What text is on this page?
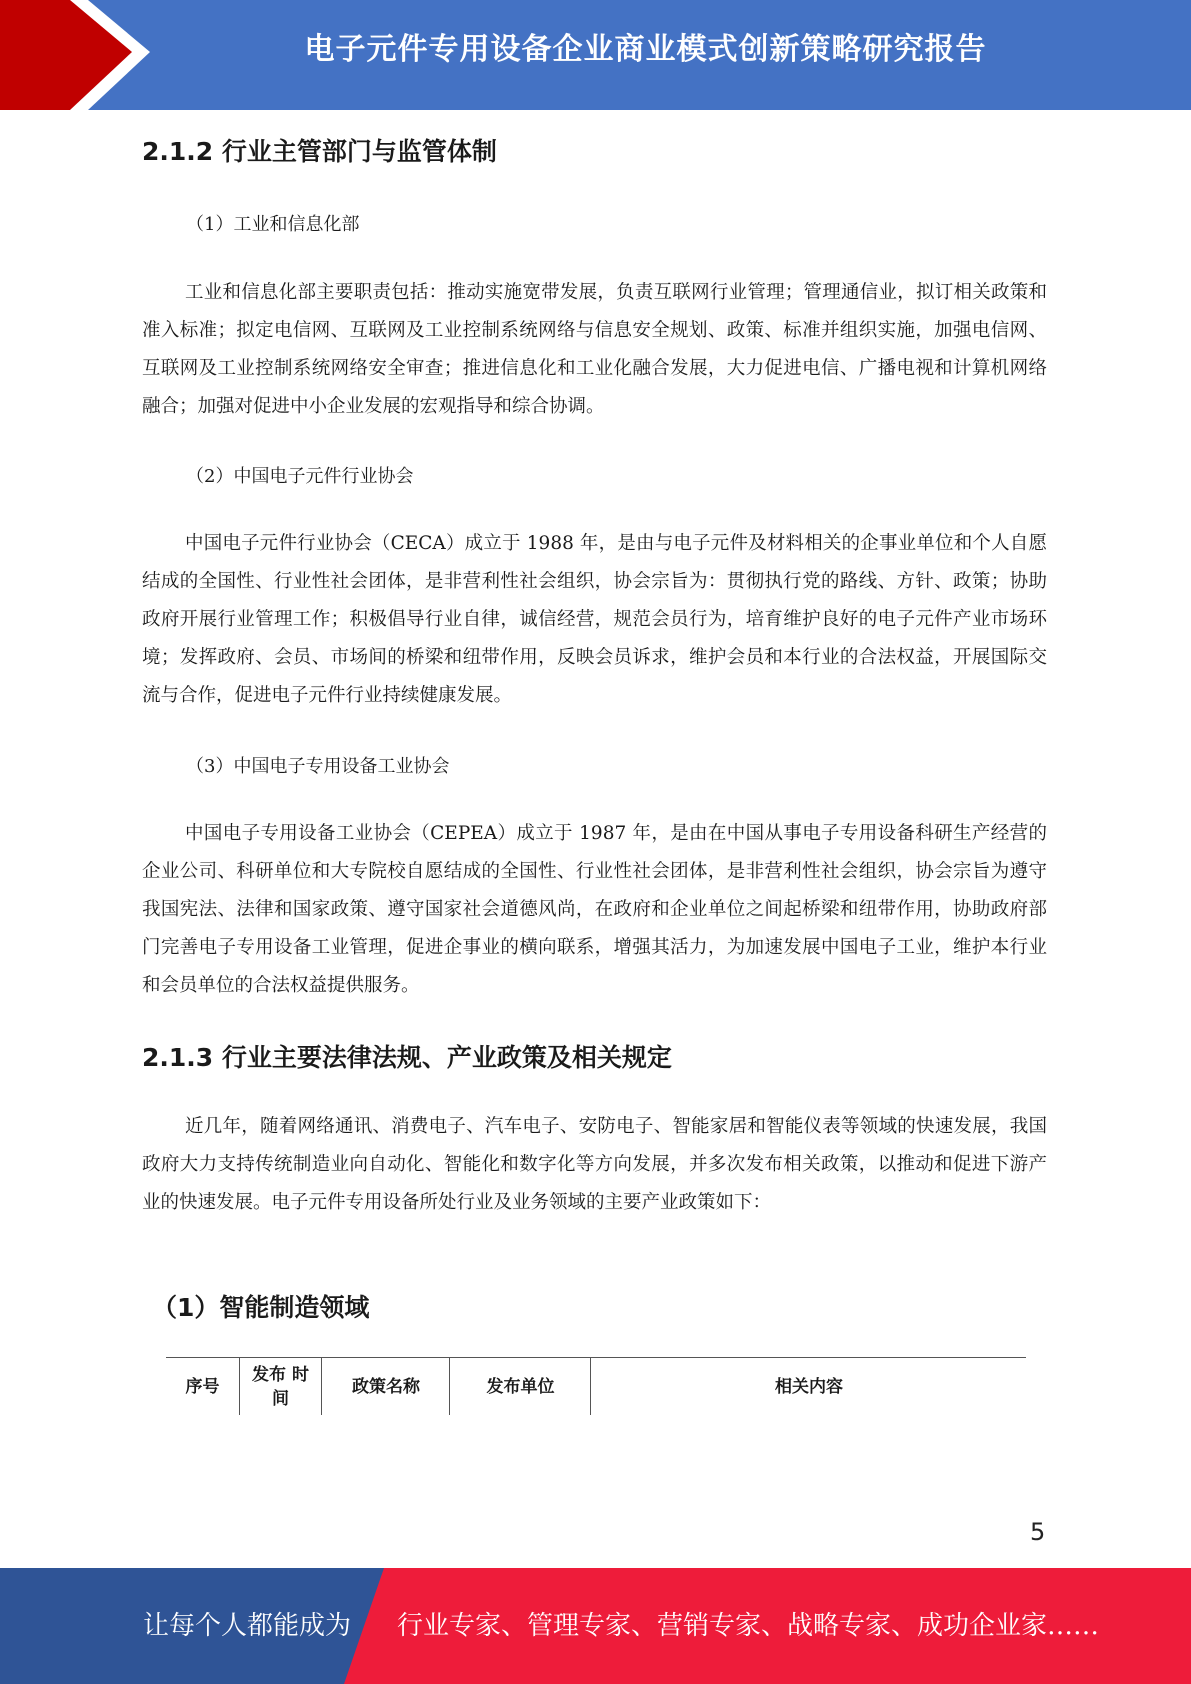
电子元件专用设备企业商业模式创新策略研究报告
2.1.2 行业主管部门与监管体制
（1）工业和信息化部
工业和信息化部主要职责包括：推动实施宽带发展，负责互联网行业管理；管理通信业，拟订相关政策和准入标准；拟定电信网、互联网及工业控制系统网络与信息安全规划、政策、标准并组织实施，加强电信网、互联网及工业控制系统网络安全审查；推进信息化和工业化融合发展，大力促进电信、广播电视和计算机网络融合；加强对促进中小企业发展的宏观指导和综合协调。
（2）中国电子元件行业协会
中国电子元件行业协会（CECA）成立于 1988 年，是由与电子元件及材料相关的企事业单位和个人自愿结成的全国性、行业性社会团体，是非营利性社会组织，协会宗旨为：贯彻执行党的路线、方针、政策；协助政府开展行业管理工作；积极倡导行业自律，诚信经营，规范会员行为，培育维护良好的电子元件产业市场环境；发挥政府、会员、市场间的桥梁和纽带作用，反映会员诉求，维护会员和本行业的合法权益，开展国际交流与合作，促进电子元件行业持续健康发展。
（3）中国电子专用设备工业协会
中国电子专用设备工业协会（CEPEA）成立于 1987 年，是由在中国从事电子专用设备科研生产经营的企业公司、科研单位和大专院校自愿结成的全国性、行业性社会团体，是非营利性社会组织，协会宗旨为遵守我国宪法、法律和国家政策、遵守国家社会道德风尚，在政府和企业单位之间起桥梁和纽带作用，协助政府部门完善电子专用设备工业管理，促进企事业的横向联系，增强其活力，为加速发展中国电子工业，维护本行业和会员单位的合法权益提供服务。
2.1.3 行业主要法律法规、产业政策及相关规定
近几年，随着网络通讯、消费电子、汽车电子、安防电子、智能家居和智能仪表等领域的快速发展，我国政府大力支持传统制造业向自动化、智能化和数字化等方向发展，并多次发布相关政策，以推动和促进下游产业的快速发展。电子元件专用设备所处行业及业务领域的主要产业政策如下：
（1）智能制造领域
序号
发布 时间
政策名称	发布单位	相关内容
5
让每个人都能成为 行业专家、管理专家、营销专家、战略专家、成功企业家……
